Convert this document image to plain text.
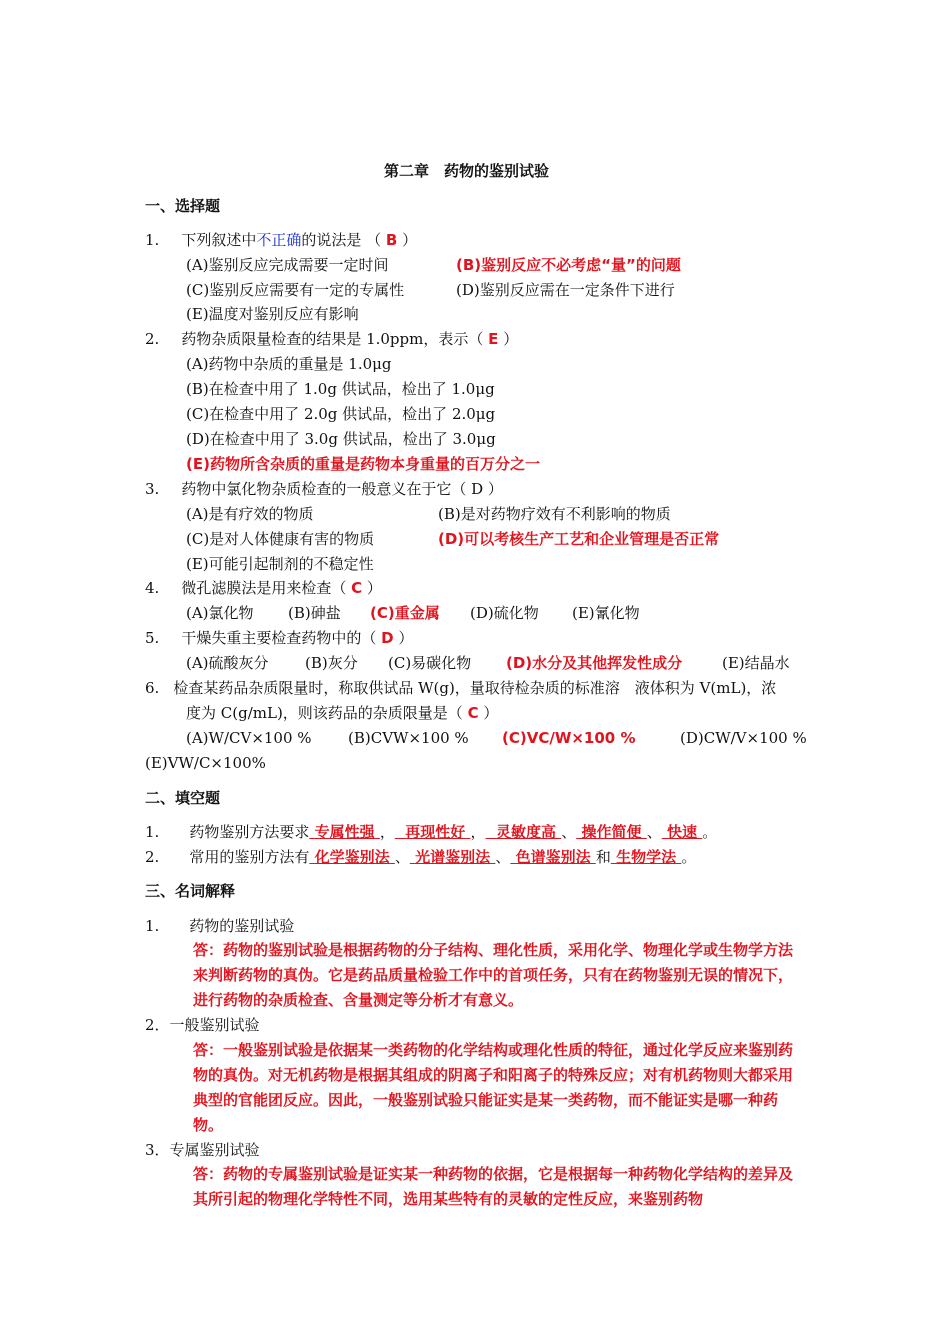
第二章　药物的鉴别试验
一、选择题
1. 下列叙述中不正确的说法是 （ B ）
(A)鉴别反应完成需要一定时间	(B)鉴别反应不必考虑“量”的问题
(C)鉴别反应需要有一定的专属性	(D)鉴别反应需在一定条件下进行
(E)温度对鉴别反应有影响
2. 药物杂质限量检查的结果是 1.0ppm，表示（ E ）
(A)药物中杂质的重量是 1.0μg
(B)在检查中用了 1.0g 供试品，检出了 1.0μg
(C)在检查中用了 2.0g 供试品，检出了 2.0μg
(D)在检查中用了 3.0g 供试品，检出了 3.0μg
(E)药物所含杂质的重量是药物本身重量的百万分之一
3. 药物中氯化物杂质检查的一般意义在于它（ D ）
(A)是有疗效的物质	(B)是对药物疗效有不利影响的物质
(C)是对人体健康有害的物质	(D)可以考核生产工艺和企业管理是否正常
(E)可能引起制剂的不稳定性
4. 微孔滤膜法是用来检查（ C ）
(A)氯化物 (B)砷盐 (C)重金属 (D)硫化物 (E)氰化物
5. 干燥失重主要检查药物中的（ D ）
(A)硫酸灰分 (B)灰分 (C)易碳化物 (D)水分及其他挥发性成分	(E)结晶水
6. 检查某药品杂质限量时，称取供试品 W(g)，量取待检杂质的标准溶　液体积为 V(mL)，浓
度为 C(g/mL)，则该药品的杂质限量是（ C ）
(A)W/CV×100 % (B)CVW×100 % (C)VC/W×100 %	(D)CW/V×100 %
(E)VW/C×100%
二、填空题
1. 药物鉴别方法要求 专属性强 ， 再现性好 ， 灵敏度高 、 操作简便 、 快速 。
2. 常用的鉴别方法有 化学鉴别法 、 光谱鉴别法 、 色谱鉴别法 和 生物学法 。
三、名词解释
1.　　药物的鉴别试验
答：药物的鉴别试验是根据药物的分子结构、理化性质，采用化学、物理化学或生物学方法来判断药物的真伪。它是药品质量检验工作中的首项任务，只有在药物鉴别无误的情况下，进行药物的杂质检查、含量测定等分析才有意义。
2．一般鉴别试验
答：一般鉴别试验是依据某一类药物的化学结构或理化性质的特征，通过化学反应来鉴别药物的真伪。对无机药物是根据其组成的阴离子和阳离子的特殊反应；对有机药物则大都采用典型的官能团反应。因此，一般鉴别试验只能证实是某一类药物，而不能证实是哪一种药物。
3．专属鉴别试验
答：药物的专属鉴别试验是证实某一种药物的依据，它是根据每一种药物化学结构的差异及其所引起的物理化学特性不同，选用某些特有的灵敏的定性反应，来鉴别药物
